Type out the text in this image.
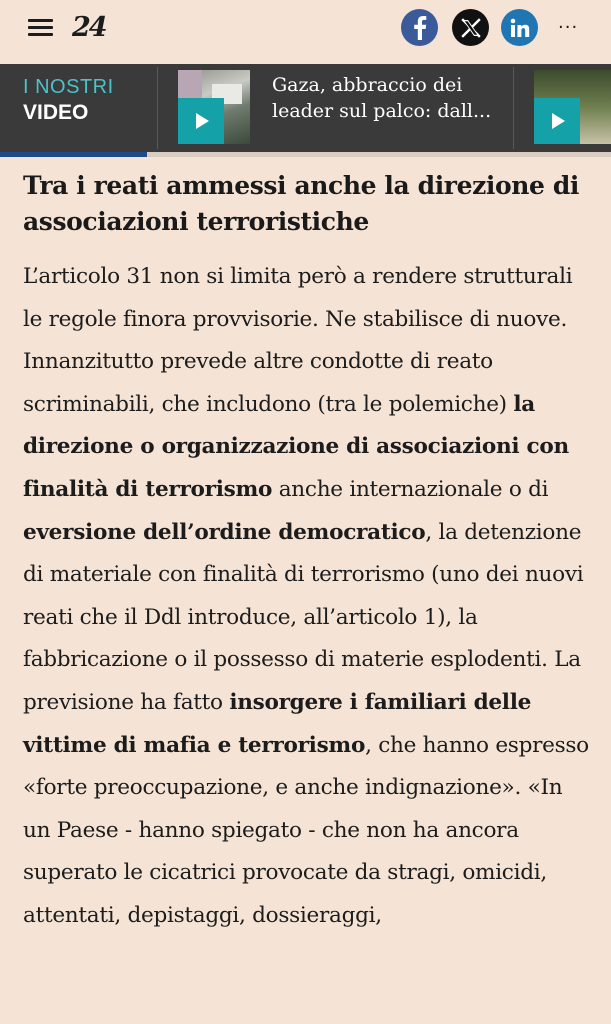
24	···
I NOSTRI
VIDEO
Gaza, abbraccio dei leader sul palco: dall...
Tra i reati ammessi anche la direzione di associazioni terroristiche

L’articolo 31 non si limita però a rendere strutturali le regole finora provvisorie. Ne stabilisce di nuove. Innanzitutto prevede altre condotte di reato scriminabili, che includono (tra le polemiche) la direzione o organizzazione di associazioni con finalità di terrorismo anche internazionale o di eversione dell’ordine democratico, la detenzione di materiale con finalità di terrorismo (uno dei nuovi reati che il Ddl introduce, all’articolo 1), la fabbricazione o il possesso di materie esplodenti. La previsione ha fatto insorgere i familiari delle vittime di mafia e terrorismo, che hanno espresso «forte preoccupazione, e anche indignazione». «In un Paese - hanno spiegato - che non ha ancora superato le cicatrici provocate da stragi, omicidi, attentati, depistaggi, dossieraggi,
